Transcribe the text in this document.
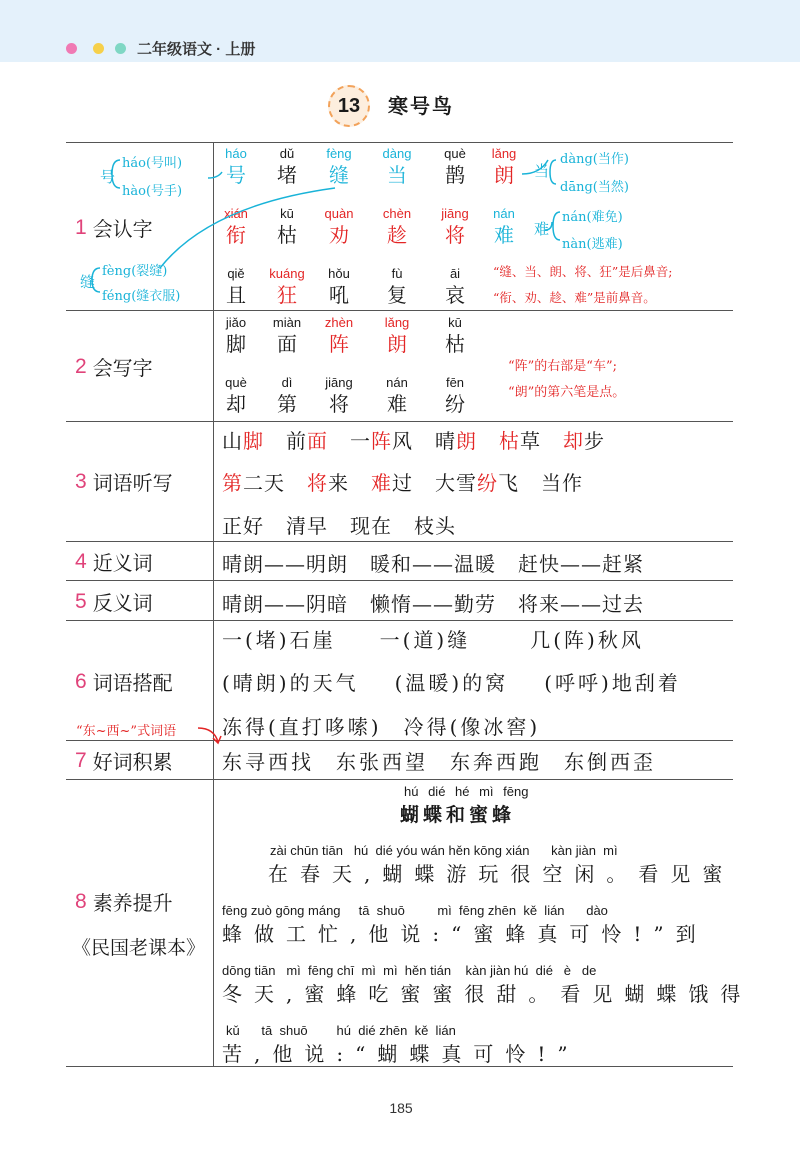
二年级语文 · 上册
13	寒号鸟
1 会认字
2 会写字
3 词语听写
4 近义词
5 反义词
6 词语搭配
7 好词积累
8 素养提升
《民国老课本》
háo
号
dǔ
堵
fèng
缝
dàng
当
què
鹊
lǎng
朗
xián
衔
kū
枯
quàn
劝
chèn
趁
jiāng
将
nán
难
qiě
且
kuáng
狂
hǒu
吼
fù
复
āi
哀
号
háo(号叫)
hào(号手)
缝
fèng(裂缝)
féng(缝衣服)
当
dàng(当作)
dāng(当然)
难
nán(难免)
nàn(逃难)
“缝、当、朗、将、狂”是后鼻音;
“衔、劝、趁、难”是前鼻音。
jiǎo
脚
miàn
面
zhèn
阵
lǎng
朗
kū
枯
què
却
dì
第
jiāng
将
nán
难
fēn
纷
“阵”的右部是“车”;
“朗”的第六笔是点。
山脚 前面 一阵风 晴朗 枯草 却步
第二天 将来 难过 大雪纷飞 当作
正好 清早 现在 枝头
晴朗——明朗 暖和——温暖 赶快——赶紧
晴朗——阴暗 懒惰——勤劳 将来——过去
一(堵)石崖 一(道)缝	几(阵)秋风
(晴朗)的天气 (温暖)的窝 (呼呼)地刮着
冻得(直打哆嗦) 冷得(像冰窖)
“东~西~”式词语
东寻西找 东张西望 东奔西跑 东倒西歪
hú dié hé mì fēng
蝴蝶和蜜蜂
zài chūn tiān   hú  dié yóu wán hěn kōng xián      kàn jiàn  mì
在春天,蝴蝶游玩很空闲。看见蜜
fēng zuò gōng máng     tā  shuō         mì  fēng zhēn  kě  lián      dào
蜂做工忙,他说:“蜜蜂真可怜!”到
dōng tiān   mì  fēng chī  mì  mì  hěn tián    kàn jiàn hú  dié   è   de
冬天,蜜蜂吃蜜蜜很甜。看见蝴蝶饿得
kǔ      tā  shuō        hú  dié zhēn  kě  lián
苦,他说:“蝴蝶真可怜!”
185
